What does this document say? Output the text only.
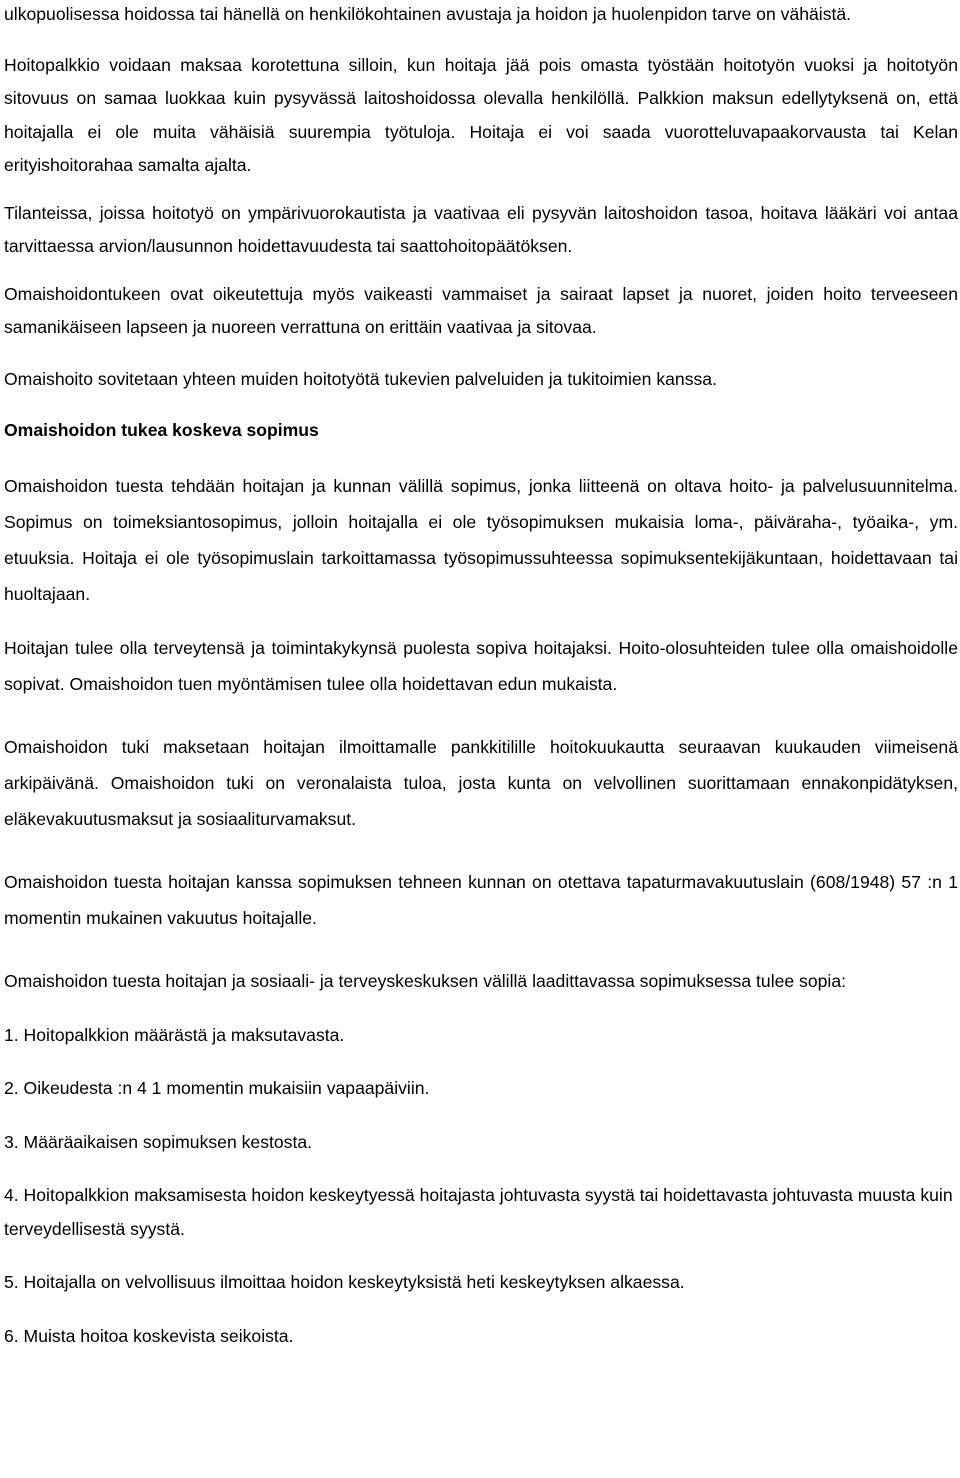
ulkopuolisessa hoidossa tai hänellä on henkilökohtainen avustaja ja hoidon ja huolenpidon tarve on vähäistä.

Hoitopalkkio voidaan maksaa korotettuna silloin, kun hoitaja jää pois omasta työstään hoitotyön vuoksi ja hoitotyön sitovuus on samaa luokkaa kuin pysyvässä laitoshoidossa olevalla henkilöllä. Palkkion maksun edellytyksenä on, että hoitajalla ei ole muita vähäisiä suurempia työtuloja. Hoitaja ei voi saada vuorotteluvapaakorvausta tai Kelan erityishoitorahaa samalta ajalta.

Tilanteissa, joissa hoitotyö on ympärivuorokautista ja vaativaa eli pysyvän laitoshoidon tasoa, hoitava lääkäri voi antaa tarvittaessa arvion/lausunnon hoidettavuudesta tai saattohoitopäätöksen.

Omaishoidontukeen ovat oikeutettuja myös vaikeasti vammaiset ja sairaat lapset ja nuoret, joiden hoito terveeseen samanikäiseen lapseen ja nuoreen verrattuna on erittäin vaativaa ja sitovaa.

Omaishoito sovitetaan yhteen muiden hoitotyötä tukevien palveluiden ja tukitoimien kanssa.

Omaishoidon tukea koskeva sopimus

Omaishoidon tuesta tehdään hoitajan ja kunnan välillä sopimus, jonka liitteenä on oltava hoito- ja palvelusuunnitelma. Sopimus on toimeksiantosopimus, jolloin hoitajalla ei ole työsopimuksen mukaisia loma-, päiväraha-, työaika-, ym. etuuksia. Hoitaja ei ole työsopimuslain tarkoittamassa työsopimussuhteessa sopimuksentekijäkuntaan, hoidettavaan tai huoltajaan.

Hoitajan tulee olla terveytensä ja toimintakykynsä puolesta sopiva hoitajaksi. Hoito-olosuhteiden tulee olla omaishoidolle sopivat. Omaishoidon tuen myöntämisen tulee olla hoidettavan edun mukaista.

Omaishoidon tuki maksetaan hoitajan ilmoittamalle pankkitilille hoitokuukautta seuraavan kuukauden viimeisenä arkipäivänä. Omaishoidon tuki on veronalaista tuloa, josta kunta on velvollinen suorittamaan ennakonpidätyksen, eläkevakuutusmaksut ja sosiaaliturvamaksut.

Omaishoidon tuesta hoitajan kanssa sopimuksen tehneen kunnan on otettava tapaturmavakuutuslain (608/1948) 57 :n 1 momentin mukainen vakuutus hoitajalle.

Omaishoidon tuesta hoitajan ja sosiaali- ja terveyskeskuksen välillä laadittavassa sopimuksessa tulee sopia:

1. Hoitopalkkion määrästä ja maksutavasta.

2. Oikeudesta :n 4 1 momentin mukaisiin vapaapäiviin.

3. Määräaikaisen sopimuksen kestosta.

4. Hoitopalkkion maksamisesta hoidon keskeytyessä hoitajasta johtuvasta syystä tai hoidettavasta johtuvasta muusta kuin terveydellisestä syystä.

5. Hoitajalla on velvollisuus ilmoittaa hoidon keskeytyksistä heti keskeytyksen alkaessa.

6. Muista hoitoa koskevista seikoista.
